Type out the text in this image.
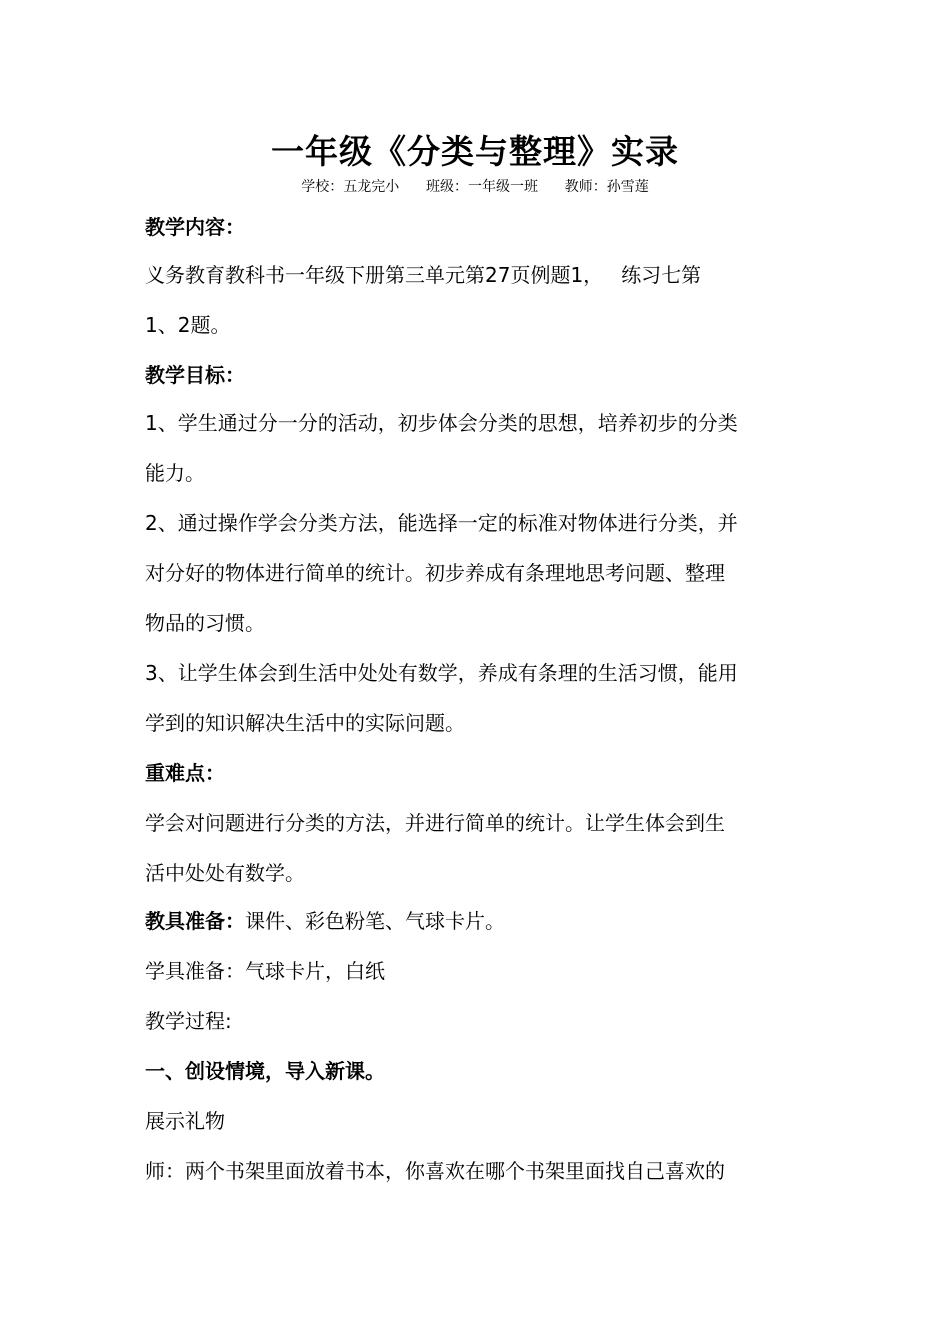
一年级《分类与整理》实录
学校：五龙完小      班级：一年级一班      教师：孙雪莲
教学内容：
义务教育教科书一年级下册第三单元第27页例题1， 练习七第
1、2题。
教学目标：
1、学生通过分一分的活动，初步体会分类的思想，培养初步的分类
能力。
2、通过操作学会分类方法，能选择一定的标准对物体进行分类，并
对分好的物体进行简单的统计。初步养成有条理地思考问题、整理
物品的习惯。
3、让学生体会到生活中处处有数学，养成有条理的生活习惯，能用
学到的知识解决生活中的实际问题。
重难点：
学会对问题进行分类的方法，并进行简单的统计。让学生体会到生
活中处处有数学。
教具准备：课件、彩色粉笔、气球卡片。
学具准备：气球卡片，白纸
教学过程:
一、创设情境，导入新课。
展示礼物
师：两个书架里面放着书本，你喜欢在哪个书架里面找自己喜欢的
